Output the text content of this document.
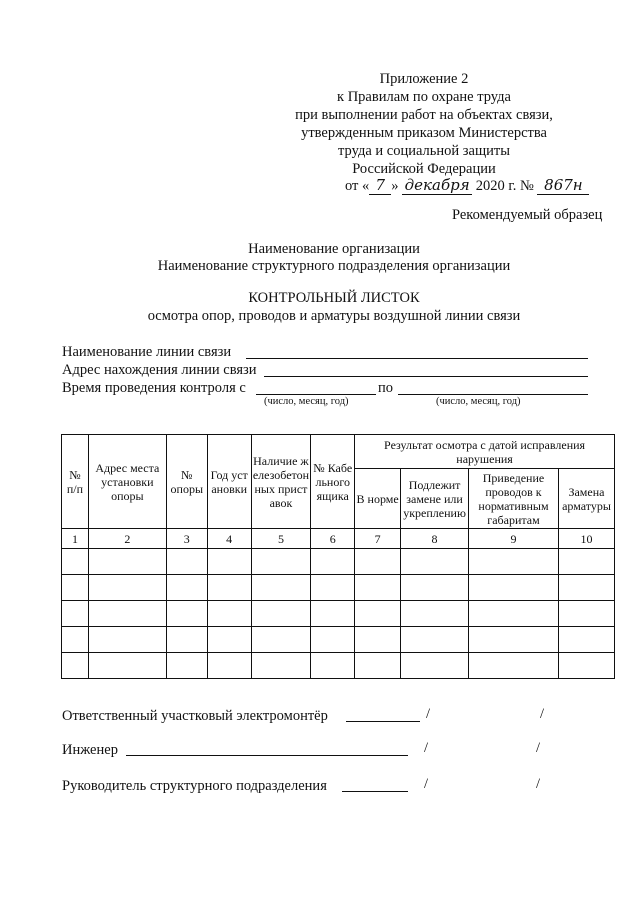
Приложение 2
к Правилам по охране труда
при выполнении работ на объектах связи,
утвержденным приказом Министерства
труда и социальной защиты
Российской Федерации
от « 7 » декабря 2020 г. № 867н
Рекомендуемый образец
Наименование организации
Наименование структурного подразделения организации
КОНТРОЛЬНЫЙ ЛИСТОК
осмотра опор, проводов и арматуры воздушной линии связи
Наименование линии связи
Адрес нахождения линии связи
Время проведения контроля с	по
(число, месяц, год)	(число, месяц, год)
№ п/п	Адрес места установки опоры	№ опоры	Год установки	Наличие железобетонных приставок	№ Кабельного ящика	Результат осмотра с датой исправления нарушения			
						В норме	Подлежит замене или укреплению	Приведение проводов к нормативным габаритам	Замена арматуры
1	2	3	4	5	6	7	8	9	10

Ответственный участковый электромонтёр	/	/
Инженер	/	/
Руководитель структурного подразделения	/	/
